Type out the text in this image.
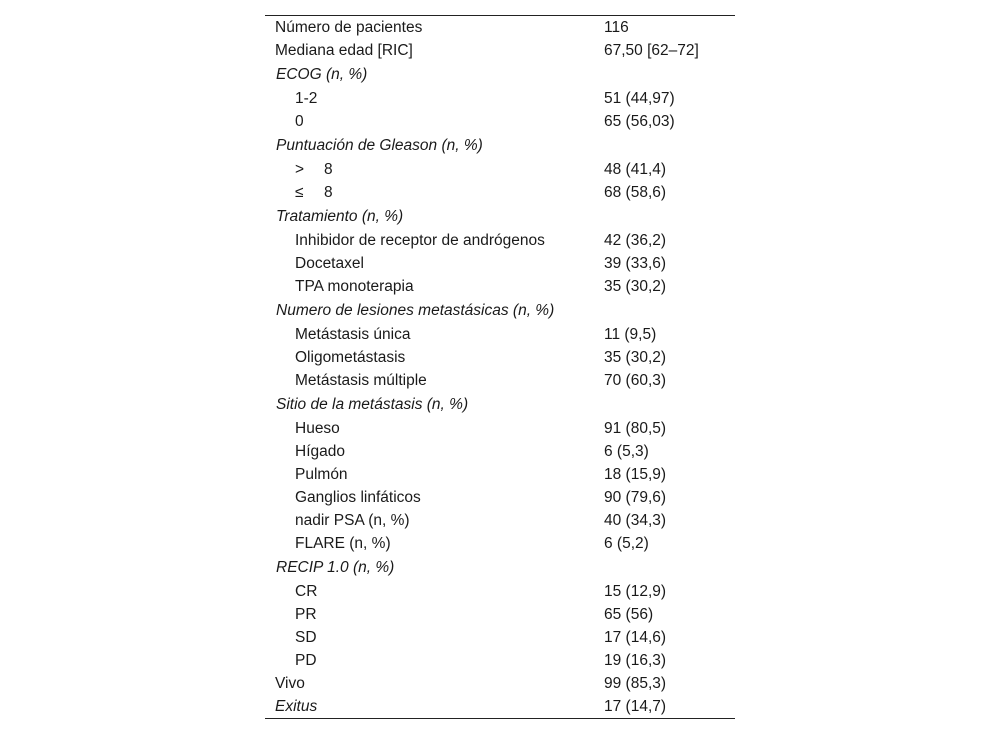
Número de pacientes	116
Mediana edad [RIC]	67,50 [62–72]
ECOG (n, %)
1-2	51 (44,97)
0	65 (56,03)
Puntuación de Gleason (n, %)
> 8	48 (41,4)
≤ 8	68 (58,6)
Tratamiento (n, %)
Inhibidor de receptor de andrógenos	42 (36,2)
Docetaxel	39 (33,6)
TPA monoterapia	35 (30,2)
Numero de lesiones metastásicas (n, %)
Metástasis única	11 (9,5)
Oligometástasis	35 (30,2)
Metástasis múltiple	70 (60,3)
Sitio de la metástasis (n, %)
Hueso	91 (80,5)
Hígado	6 (5,3)
Pulmón	18 (15,9)
Ganglios linfáticos	90 (79,6)
nadir PSA (n, %)	40 (34,3)
FLARE (n, %)	6 (5,2)
RECIP 1.0 (n, %)
CR	15 (12,9)
PR	65 (56)
SD	17 (14,6)
PD	19 (16,3)
Vivo	99 (85,3)
Exitus	17 (14,7)
